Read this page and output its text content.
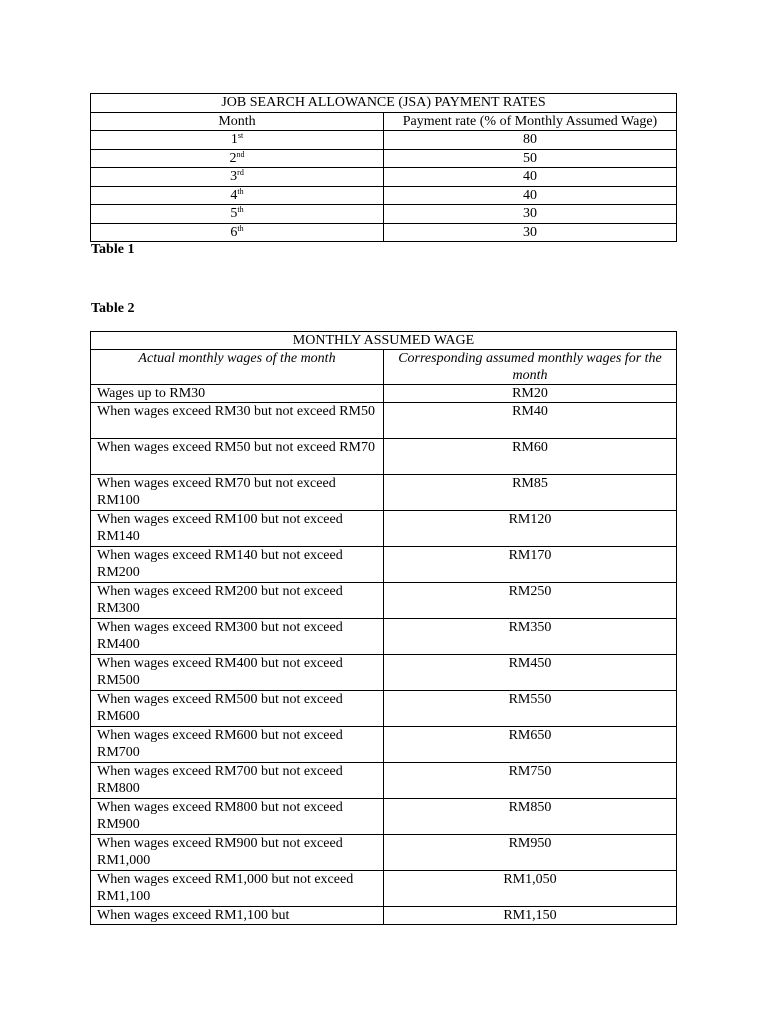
JOB SEARCH ALLOWANCE (JSA) PAYMENT RATES	
Month	Payment rate (% of Monthly Assumed Wage)
1st	80
2nd	50
3rd	40
4th	40
5th	30
6th	30
Table 1
Table 2
MONTHLY ASSUMED WAGE	
Actual monthly wages of the month	Corresponding assumed monthly wages for the month
Wages up to RM30	RM20
When wages exceed RM30 but not exceed RM50	RM40
When wages exceed RM50 but not exceed RM70	RM60
When wages exceed RM70 but not exceed RM100	RM85
When wages exceed RM100 but not exceed RM140	RM120
When wages exceed RM140 but not exceed RM200	RM170
When wages exceed RM200 but not exceed RM300	RM250
When wages exceed RM300 but not exceed RM400	RM350
When wages exceed RM400 but not exceed RM500	RM450
When wages exceed RM500 but not exceed RM600	RM550
When wages exceed RM600 but not exceed RM700	RM650
When wages exceed RM700 but not exceed RM800	RM750
When wages exceed RM800 but not exceed RM900	RM850
When wages exceed RM900 but not exceed RM1,000	RM950
When wages exceed RM1,000 but not exceed RM1,100	RM1,050
When wages exceed RM1,100 but	RM1,150
